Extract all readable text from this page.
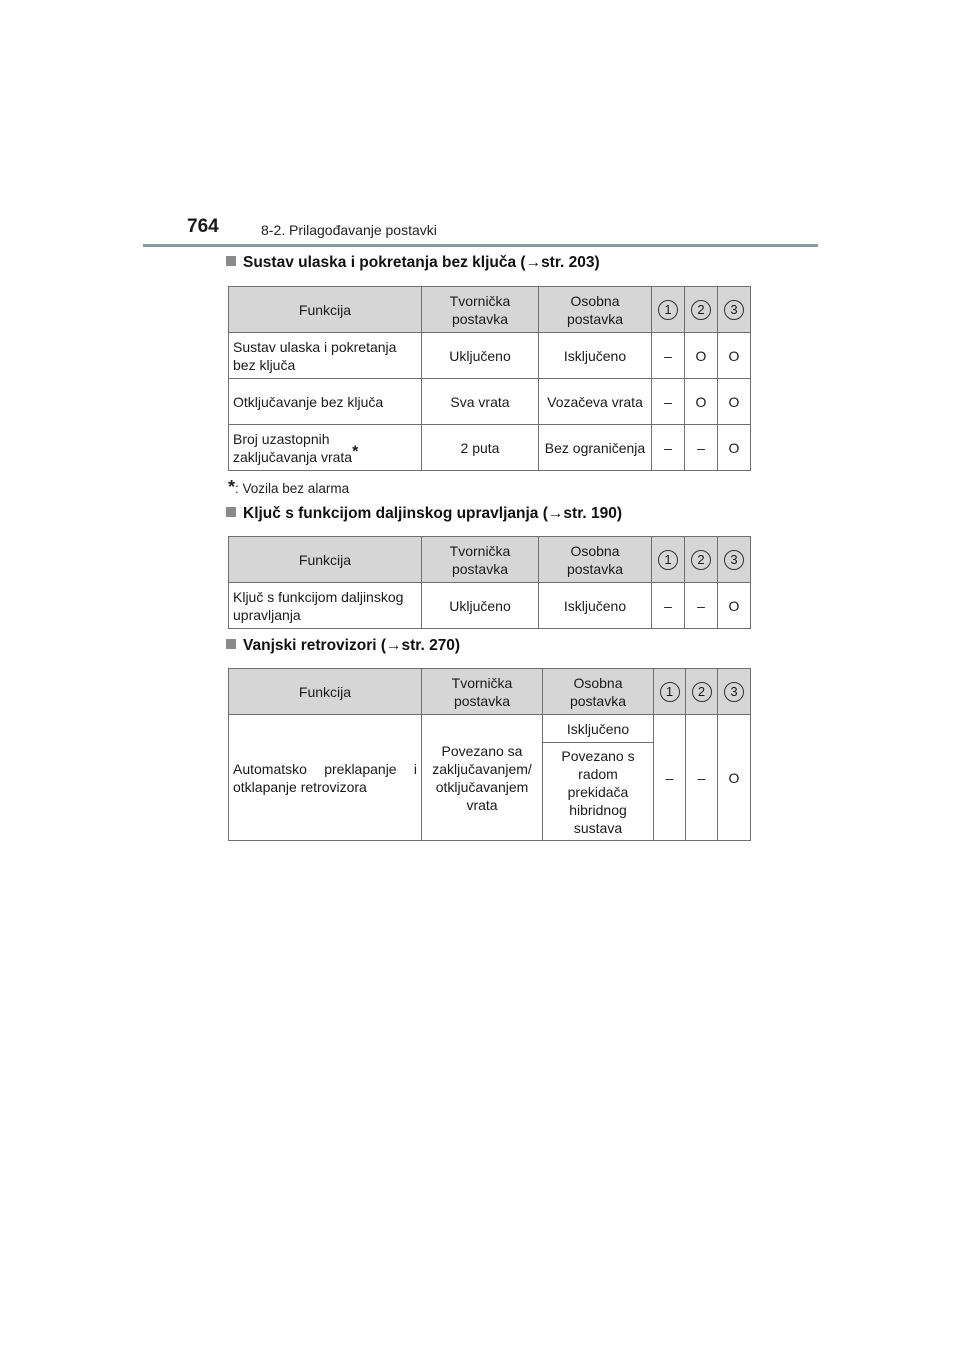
764	8-2. Prilagođavanje postavki
Sustav ulaska i pokretanja bez ključa (→str. 203)
Funkcija	Tvornička postavka	Osobna postavka	1	2	3
Sustav ulaska i pokretanja bez ključa	Uključeno	Isključeno	–	O	O
Otključavanje bez ključa	Sva vrata	Vozačeva vrata	–	O	O
Broj uzastopnih zaključavanja vrata*	2 puta	Bez ograničenja	–	–	O
*: Vozila bez alarma
Ključ s funkcijom daljinskog upravljanja (→str. 190)
Funkcija	Tvornička postavka	Osobna postavka	1	2	3
Ključ s funkcijom daljinskog upravljanja	Uključeno	Isključeno	–	–	O
Vanjski retrovizori (→str. 270)
Funkcija	Tvornička postavka	Osobna postavka	1	2	3
Automatsko preklapanje i otklapanje retrovizora	Povezano sa zaključavanjem/ otključavanjem vrata	Isključeno	–	–	O
		Povezano s radom prekidača hibridnog sustava			
